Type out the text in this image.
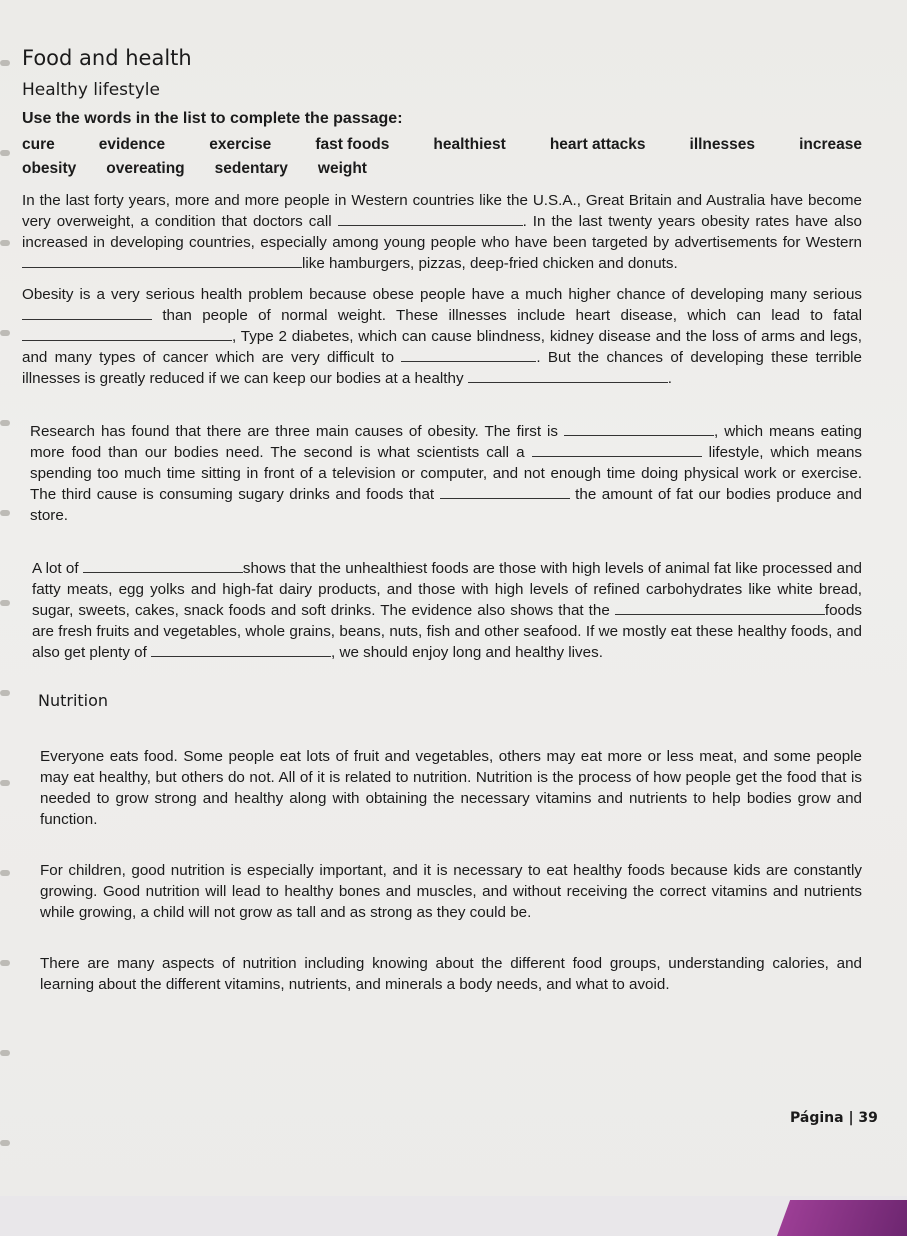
Food and health
Healthy lifestyle
Use the words in the list to complete the passage:
cure	evidence	exercise	fast foods	healthiest	heart attacks	illnesses	increase
obesity overeating sedentary weight

In the last forty years, more and more people in Western countries like the U.S.A., Great Britain and Australia have become very overweight, a condition that doctors call	. In the last twenty years obesity rates have also increased in developing countries, especially among young people who have been targeted by advertisements for Western like hamburgers, pizzas, deep-fried chicken and donuts.

Obesity is a very serious health problem because obese people have a much higher chance of developing many serious  than people of normal weight. These illnesses include heart disease, which can lead to fatal , Type 2 diabetes, which can cause blindness, kidney disease and the loss of arms and legs, and many types of cancer which are very difficult to	. But the chances of developing these terrible illnesses is greatly reduced if we can keep our bodies at a healthy	.

Research has found that there are three main causes of obesity. The first is	, which means eating more food than our bodies need. The second is what scientists call a	lifestyle, which means spending too much time sitting in front of a television or computer, and not enough time doing physical work or exercise. The third cause is consuming sugary drinks and foods that	the amount of fat our bodies produce and store.

A lot of	shows that the unhealthiest foods are those with high levels of animal fat like processed and fatty meats, egg yolks and high-fat dairy products, and those with high levels of refined carbohydrates like white bread, sugar, sweets, cakes, snack foods and soft drinks. The evidence also shows that the	foods are fresh fruits and vegetables, whole grains, beans, nuts, fish and other seafood. If we mostly eat these healthy foods, and also get plenty of	, we should enjoy long and healthy lives.

Nutrition

Everyone eats food. Some people eat lots of fruit and vegetables, others may eat more or less meat, and some people may eat healthy, but others do not. All of it is related to nutrition. Nutrition is the process of how people get the food that is needed to grow strong and healthy along with obtaining the necessary vitamins and nutrients to help bodies grow and function.

For children, good nutrition is especially important, and it is necessary to eat healthy foods because kids are constantly growing. Good nutrition will lead to healthy bones and muscles, and without receiving the correct vitamins and nutrients while growing, a child will not grow as tall and as strong as they could be.

There are many aspects of nutrition including knowing about the different food groups, understanding calories, and learning about the different vitamins, nutrients, and minerals a body needs, and what to avoid.

Página | 39
